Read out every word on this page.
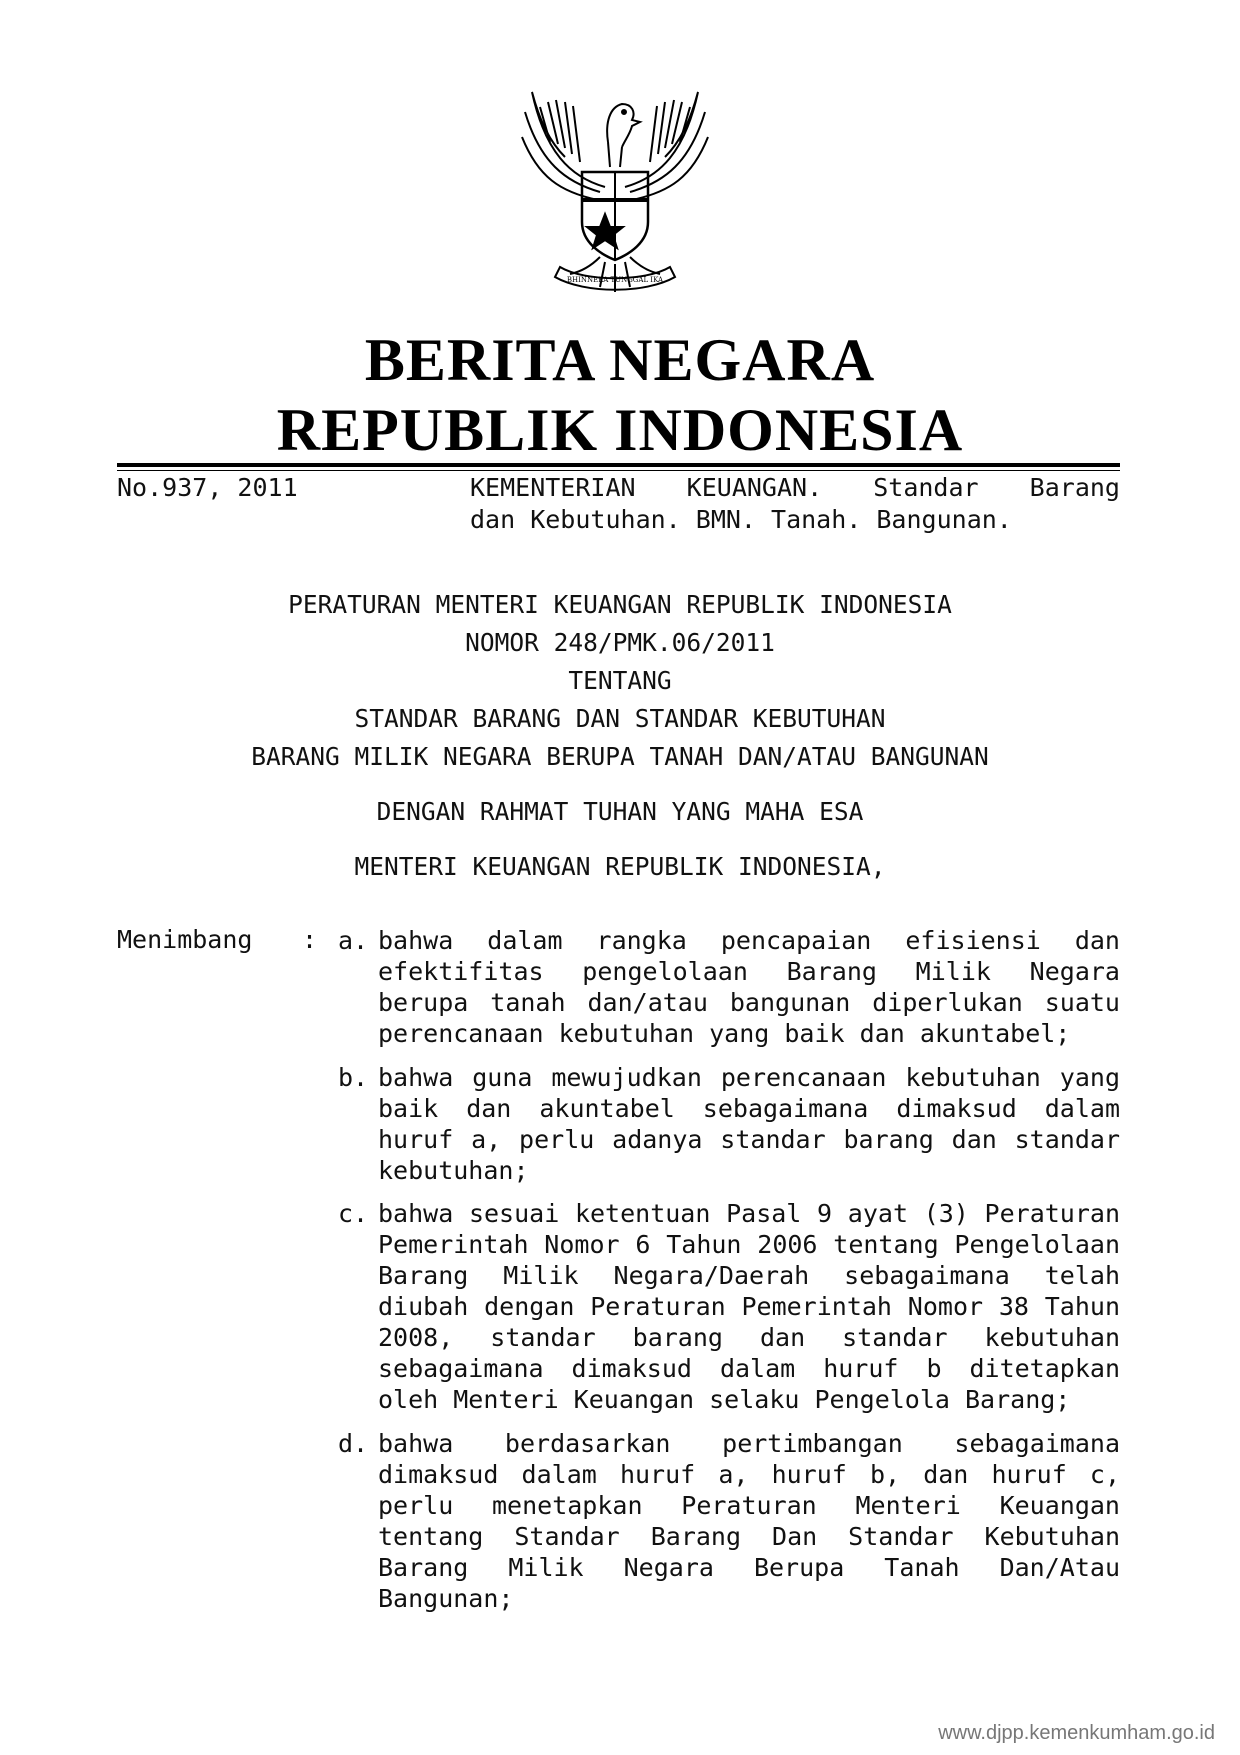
BHINNEKA TUNGGAL IKA
BERITA NEGARA
REPUBLIK INDONESIA
No.937, 2011	KEMENTERIAN KEUANGAN. Standar Barang
dan Kebutuhan. BMN. Tanah. Bangunan.
PERATURAN MENTERI KEUANGAN REPUBLIK INDONESIA
NOMOR 248/PMK.06/2011
TENTANG
STANDAR BARANG DAN STANDAR KEBUTUHAN
BARANG MILIK NEGARA BERUPA TANAH DAN/ATAU BANGUNAN
DENGAN RAHMAT TUHAN YANG MAHA ESA
MENTERI KEUANGAN REPUBLIK INDONESIA,
Menimbang : a. bahwa dalam rangka pencapaian efisiensi dan efektifitas pengelolaan Barang Milik Negara berupa tanah dan/atau bangunan diperlukan suatu perencanaan kebutuhan yang baik dan akuntabel;
b. bahwa guna mewujudkan perencanaan kebutuhan yang baik dan akuntabel sebagaimana dimaksud dalam huruf a, perlu adanya standar barang dan standar kebutuhan;
c. bahwa sesuai ketentuan Pasal 9 ayat (3) Peraturan Pemerintah Nomor 6 Tahun 2006 tentang Pengelolaan Barang Milik Negara/Daerah sebagaimana telah diubah dengan Peraturan Pemerintah Nomor 38 Tahun 2008, standar barang dan standar kebutuhan sebagaimana dimaksud dalam huruf b ditetapkan oleh Menteri Keuangan selaku Pengelola Barang;
d. bahwa berdasarkan pertimbangan sebagaimana dimaksud dalam huruf a, huruf b, dan huruf c, perlu menetapkan Peraturan Menteri Keuangan tentang Standar Barang Dan Standar Kebutuhan Barang Milik Negara Berupa Tanah Dan/Atau Bangunan;
www.djpp.kemenkumham.go.id
